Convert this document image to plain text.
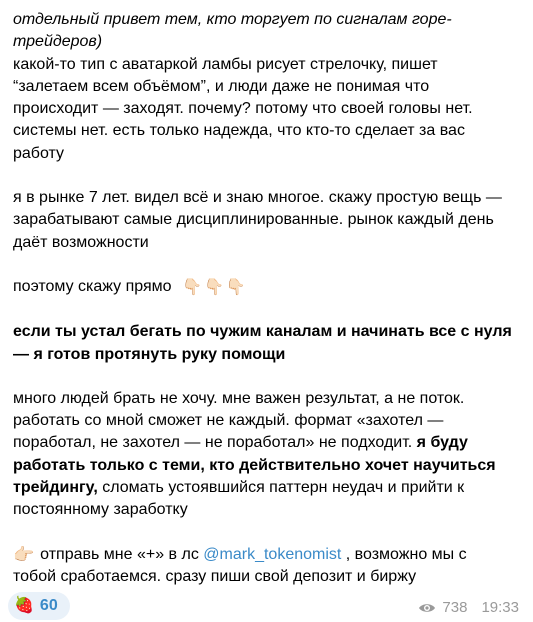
отдельный привет тем, кто торгует по сигналам горе-трейдеров)

какой-то тип с аватаркой ламбы рисует стрелочку, пишет “залетаем всем объёмом”, и люди даже не понимая что происходит — заходят. почему? потому что своей головы нет. системы нет. есть только надежда, что кто-то сделает за вас работу

я в рынке 7 лет. видел всё и знаю многое. скажу простую вещь — зарабатывают самые дисциплинированные. рынок каждый день даёт возможности

поэтому скажу прямо 👇🏻👇🏻👇🏻

если ты устал бегать по чужим каналам и начинать все с нуля — я готов протянуть руку помощи

много людей брать не хочу. мне важен результат, а не поток. работать со мной сможет не каждый. формат «захотел — поработал, не захотел — не поработал» не подходит. я буду работать только с теми, кто действительно хочет научиться трейдингу, сломать устоявшийся паттерн неудач и прийти к постоянному заработку

👉🏻 отправь мне «+» в лс @mark_tokenomist , возможно мы с тобой сработаемся. сразу пиши свой депозит и биржу

🍓 60	738 19:33
